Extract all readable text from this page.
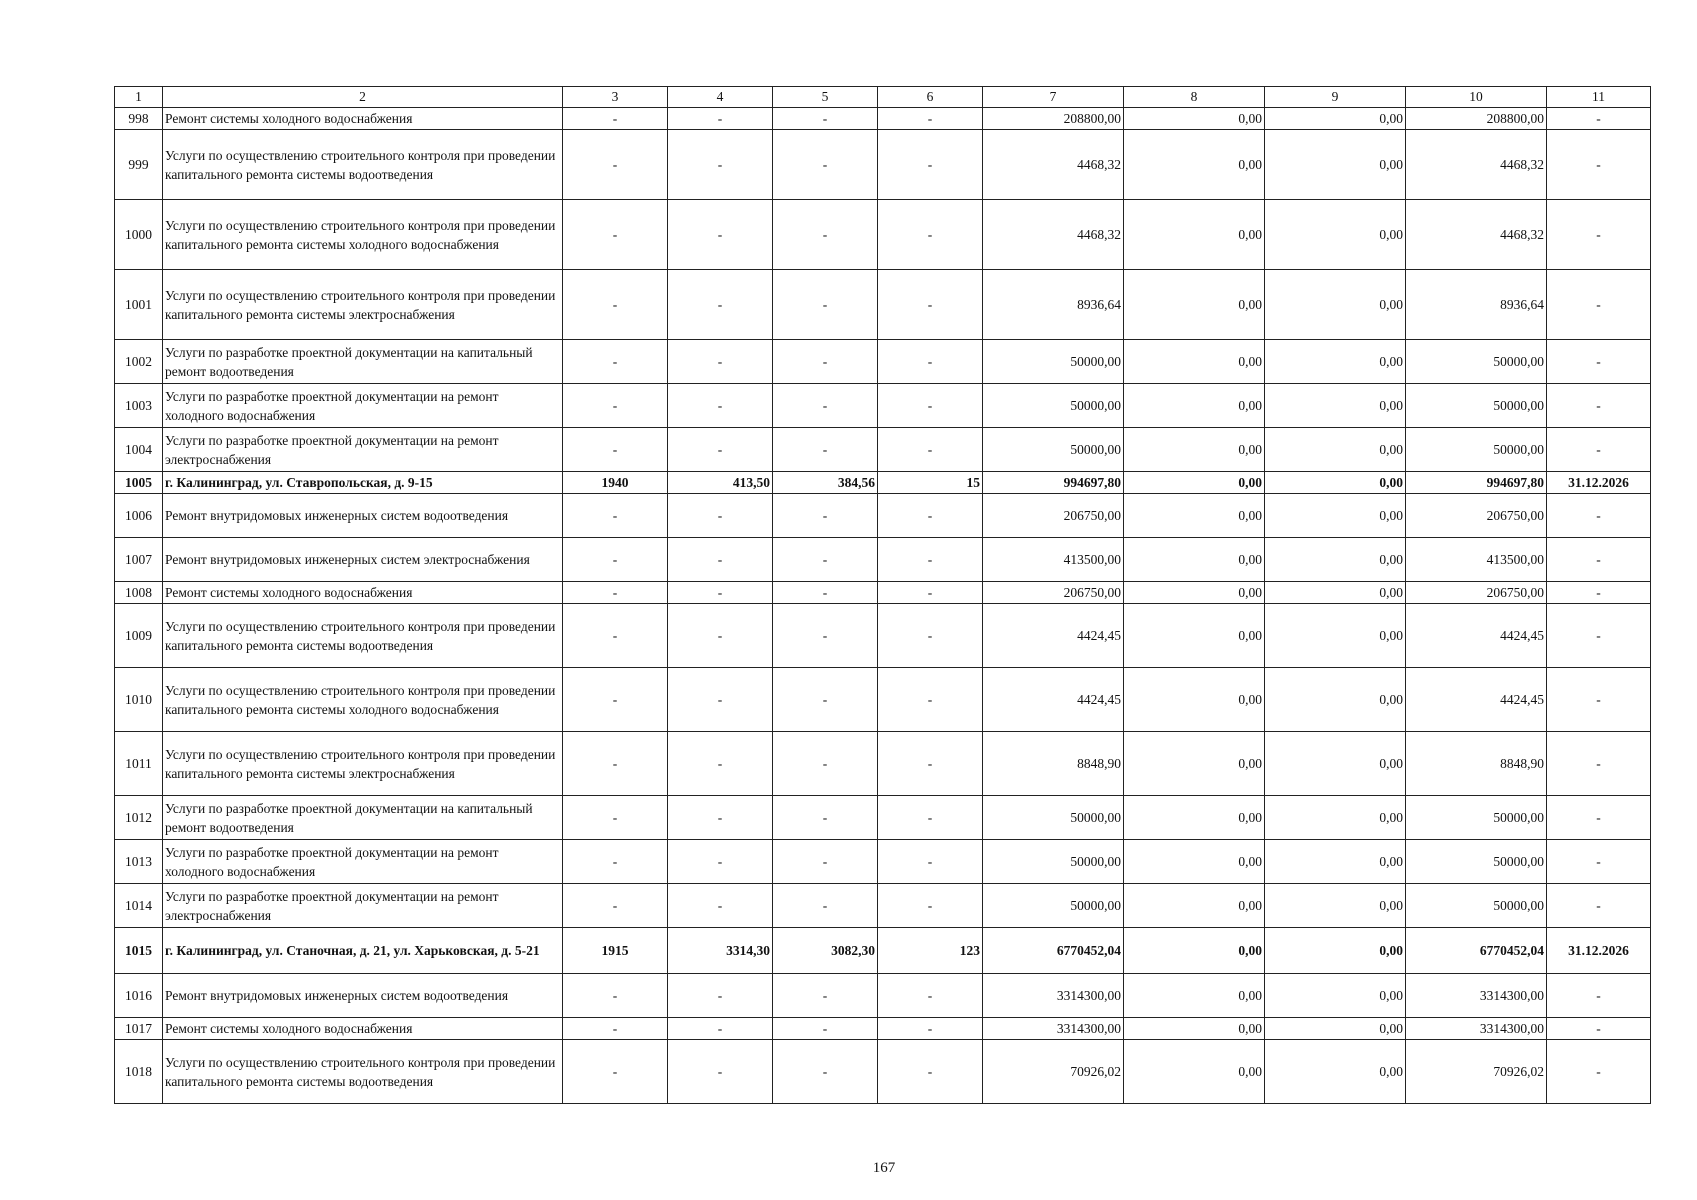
1	2	3	4	5	6	7	8	9	10	11
998	Ремонт системы холодного водоснабжения	-	-	-	-	208800,00	0,00	0,00	208800,00	-
999	Услуги по осуществлению строительного контроля при проведении капитального ремонта системы водоотведения	-	-	-	-	4468,32	0,00	0,00	4468,32	-
1000	Услуги по осуществлению строительного контроля при проведении капитального ремонта системы холодного водоснабжения	-	-	-	-	4468,32	0,00	0,00	4468,32	-
1001	Услуги по осуществлению строительного контроля при проведении капитального ремонта системы электроснабжения	-	-	-	-	8936,64	0,00	0,00	8936,64	-
1002	Услуги по разработке проектной документации на капитальный ремонт водоотведения	-	-	-	-	50000,00	0,00	0,00	50000,00	-
1003	Услуги по разработке проектной документации на ремонт холодного водоснабжения	-	-	-	-	50000,00	0,00	0,00	50000,00	-
1004	Услуги по разработке проектной документации на ремонт электроснабжения	-	-	-	-	50000,00	0,00	0,00	50000,00	-
1005	г. Калининград, ул. Ставропольская, д. 9-15	1940	413,50	384,56	15	994697,80	0,00	0,00	994697,80	31.12.2026
1006	Ремонт внутридомовых инженерных систем водоотведения	-	-	-	-	206750,00	0,00	0,00	206750,00	-
1007	Ремонт внутридомовых инженерных систем электроснабжения	-	-	-	-	413500,00	0,00	0,00	413500,00	-
1008	Ремонт системы холодного водоснабжения	-	-	-	-	206750,00	0,00	0,00	206750,00	-
1009	Услуги по осуществлению строительного контроля при проведении капитального ремонта системы водоотведения	-	-	-	-	4424,45	0,00	0,00	4424,45	-
1010	Услуги по осуществлению строительного контроля при проведении капитального ремонта системы холодного водоснабжения	-	-	-	-	4424,45	0,00	0,00	4424,45	-
1011	Услуги по осуществлению строительного контроля при проведении капитального ремонта системы электроснабжения	-	-	-	-	8848,90	0,00	0,00	8848,90	-
1012	Услуги по разработке проектной документации на капитальный ремонт водоотведения	-	-	-	-	50000,00	0,00	0,00	50000,00	-
1013	Услуги по разработке проектной документации на ремонт холодного водоснабжения	-	-	-	-	50000,00	0,00	0,00	50000,00	-
1014	Услуги по разработке проектной документации на ремонт электроснабжения	-	-	-	-	50000,00	0,00	0,00	50000,00	-
1015	г. Калининград, ул. Станочная, д. 21, ул. Харьковская, д. 5-21	1915	3314,30	3082,30	123	6770452,04	0,00	0,00	6770452,04	31.12.2026
1016	Ремонт внутридомовых инженерных систем водоотведения	-	-	-	-	3314300,00	0,00	0,00	3314300,00	-
1017	Ремонт системы холодного водоснабжения	-	-	-	-	3314300,00	0,00	0,00	3314300,00	-
1018	Услуги по осуществлению строительного контроля при проведении капитального ремонта системы водоотведения	-	-	-	-	70926,02	0,00	0,00	70926,02	-
167
